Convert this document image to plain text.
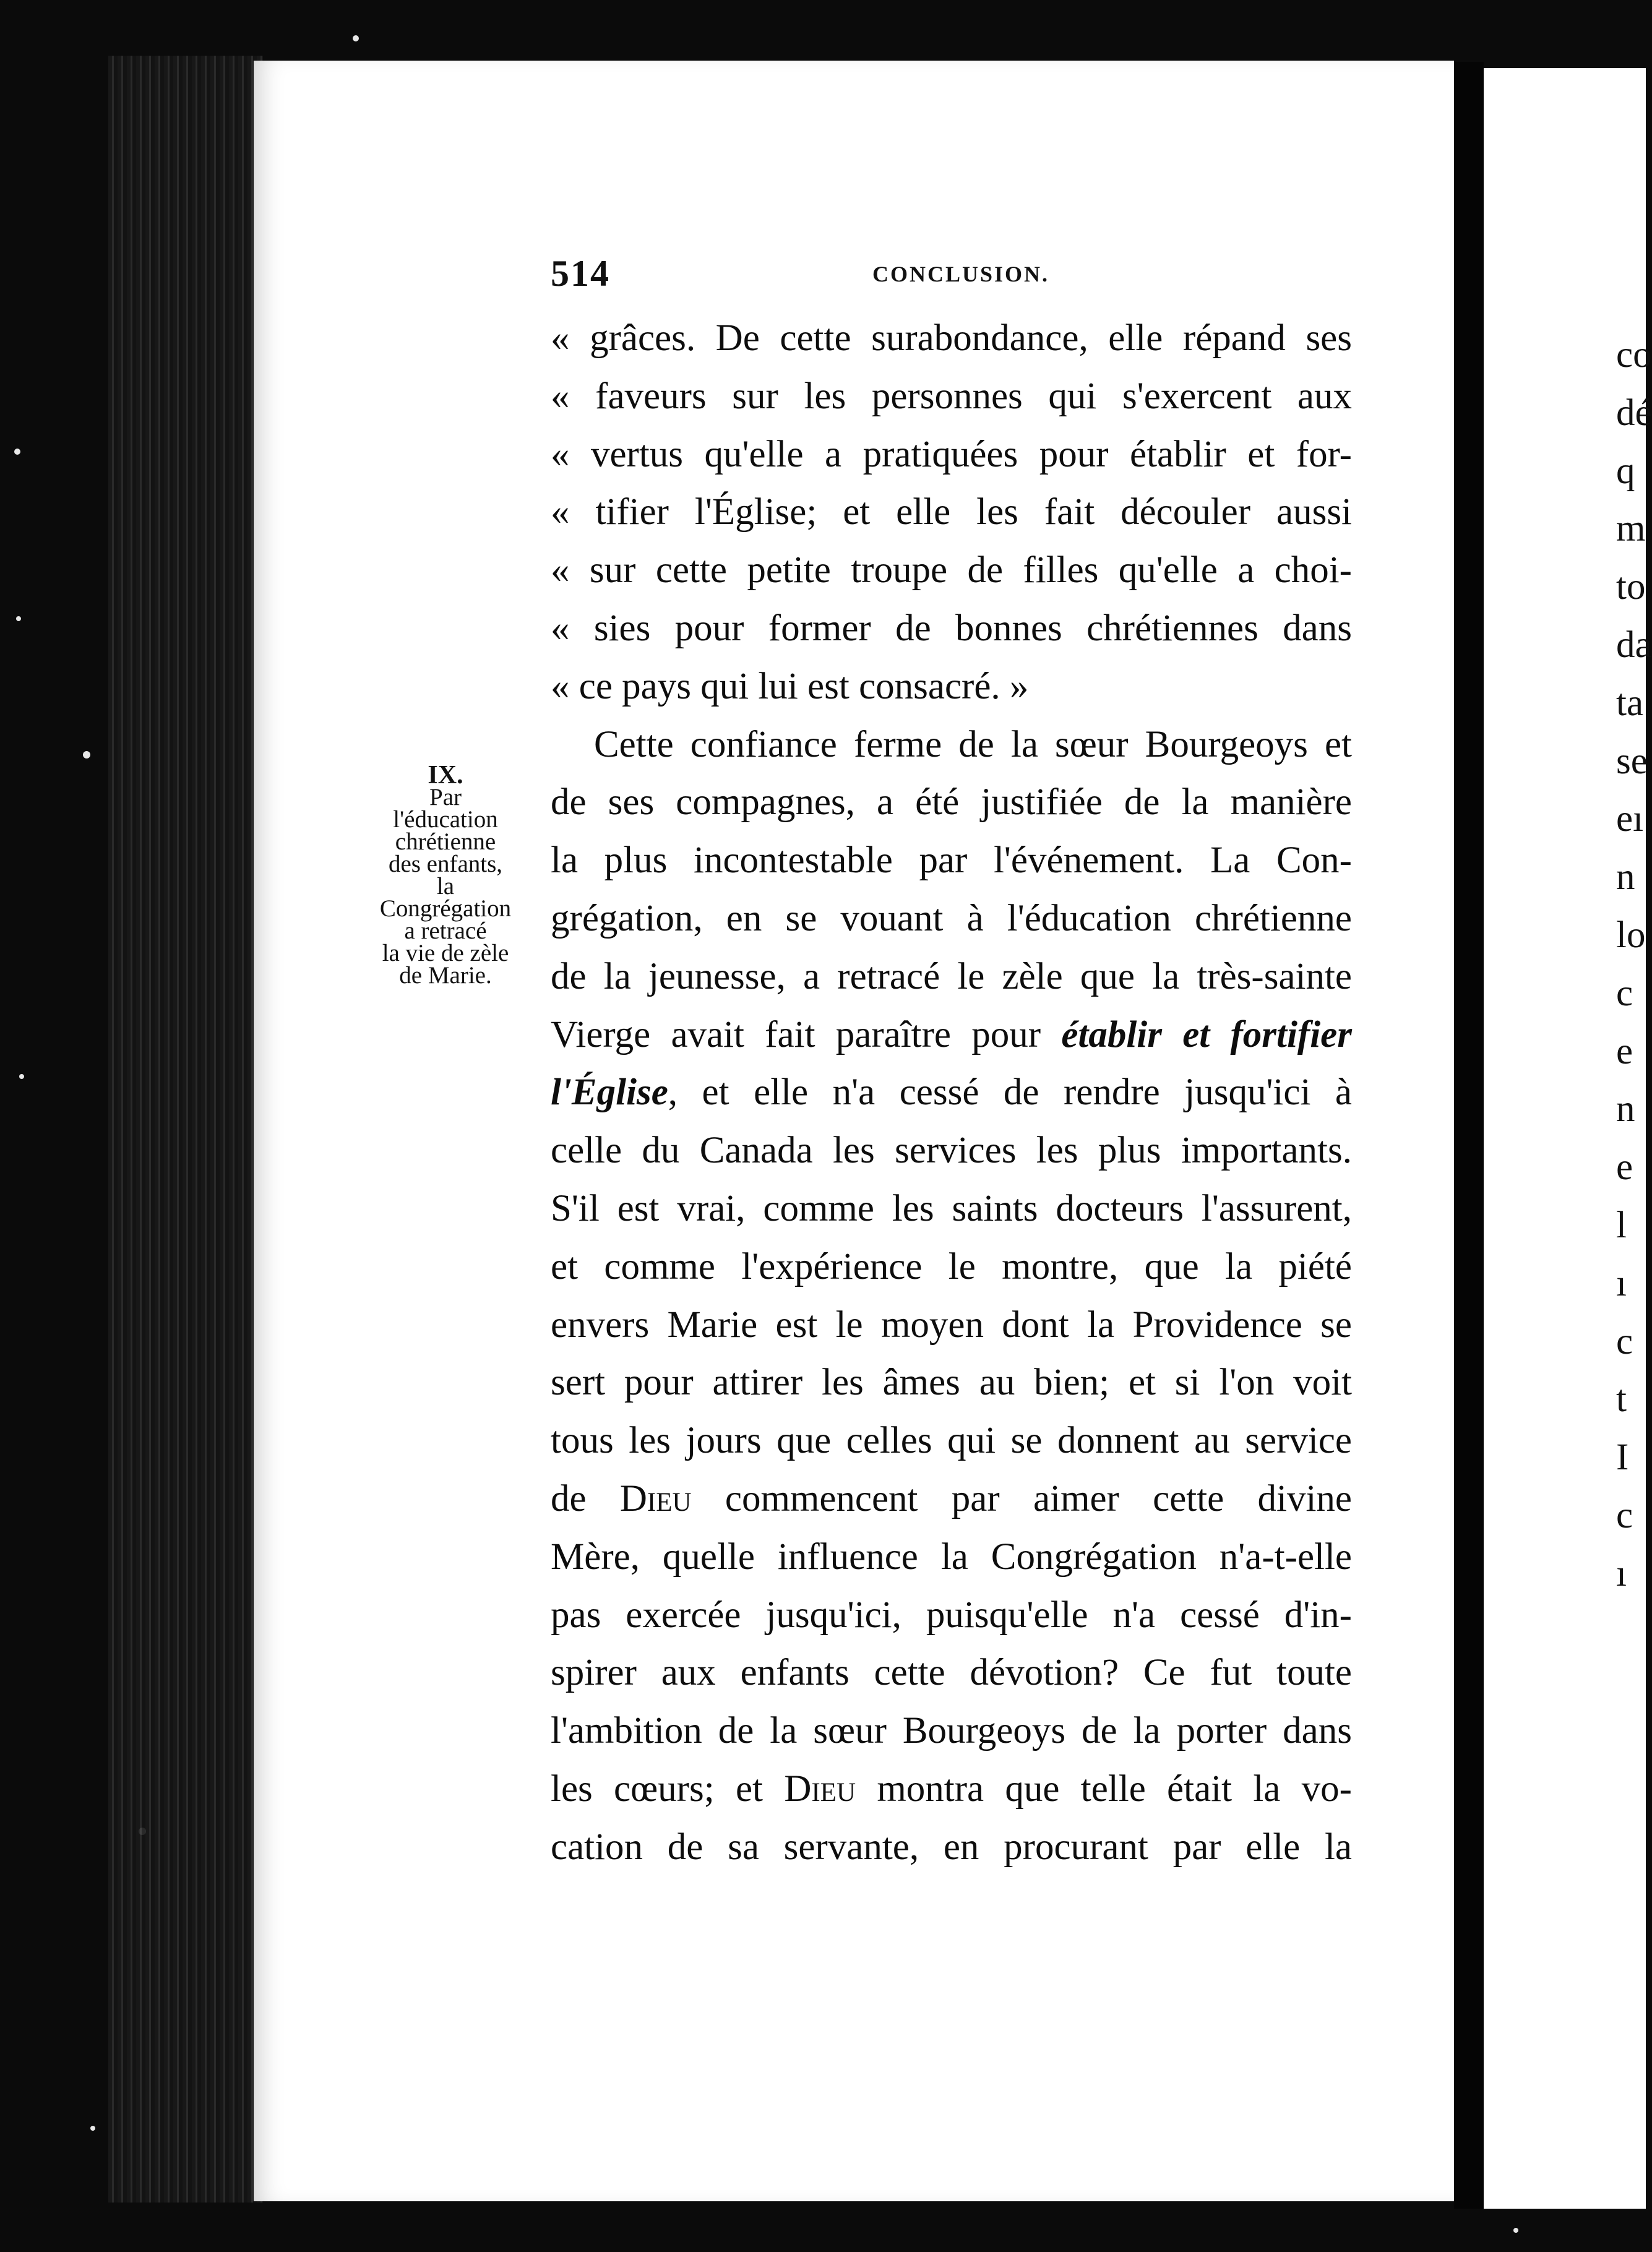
514	CONCLUSION.
IX.
Par
l'éducation
chrétienne
des enfants,
la
Congrégation
a retracé
la vie de zèle
de Marie.
« grâces. De cette surabondance, elle répand ses
« faveurs sur les personnes qui s'exercent aux
« vertus qu'elle a pratiquées pour établir et for-
« tifier l'Église; et elle les fait découler aussi
« sur cette petite troupe de filles qu'elle a choi-
« sies pour former de bonnes chrétiennes dans
« ce pays qui lui est consacré. »
Cette confiance ferme de la sœur Bourgeoys et
de ses compagnes, a été justifiée de la manière
la plus incontestable par l'événement. La Con-
grégation, en se vouant à l'éducation chrétienne
de la jeunesse, a retracé le zèle que la très-sainte
Vierge avait fait paraître pour établir et fortifier
l'Église, et elle n'a cessé de rendre jusqu'ici à
celle du Canada les services les plus importants.
S'il est vrai, comme les saints docteurs l'assurent,
et comme l'expérience le montre, que la piété
envers Marie est le moyen dont la Providence se
sert pour attirer les âmes au bien; et si l'on voit
tous les jours que celles qui se donnent au service
de Dieu commencent par aimer cette divine
Mère, quelle influence la Congrégation n'a-t-elle
pas exercée jusqu'ici, puisqu'elle n'a cessé d'in-
spirer aux enfants cette dévotion? Ce fut toute
l'ambition de la sœur Bourgeoys de la porter dans
les cœurs; et Dieu montra que telle était la vo-
cation de sa servante, en procurant par elle la
co
dé
q
m
to
da
ta
se
eı
n
lo
c
e
n
e
l
ı
c
t
I
c
ı
